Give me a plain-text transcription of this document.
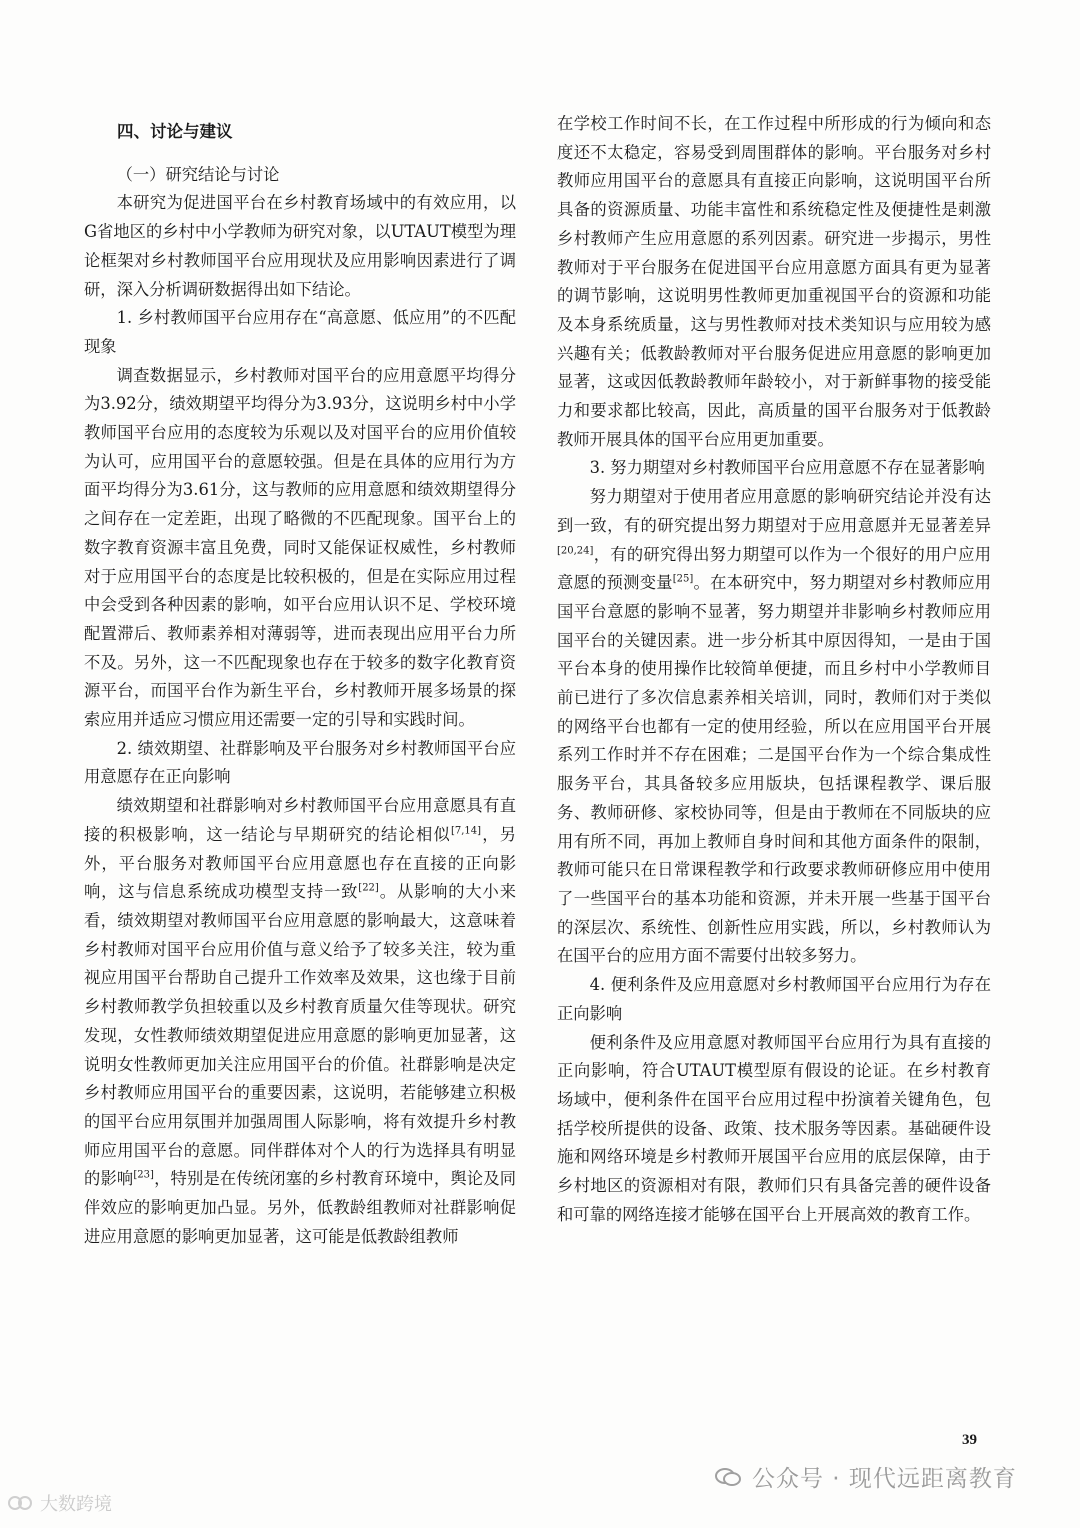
四、讨论与建议

（一）研究结论与讨论

本研究为促进国平台在乡村教育场域中的有效应用，以G省地区的乡村中小学教师为研究对象，以UTAUT模型为理论框架对乡村教师国平台应用现状及应用影响因素进行了调研，深入分析调研数据得出如下结论。

1. 乡村教师国平台应用存在“高意愿、低应用”的不匹配现象

调查数据显示，乡村教师对国平台的应用意愿平均得分为3.92分，绩效期望平均得分为3.93分，这说明乡村中小学教师国平台应用的态度较为乐观以及对国平台的应用价值较为认可，应用国平台的意愿较强。但是在具体的应用行为方面平均得分为3.61分，这与教师的应用意愿和绩效期望得分之间存在一定差距，出现了略微的不匹配现象。国平台上的数字教育资源丰富且免费，同时又能保证权威性，乡村教师对于应用国平台的态度是比较积极的，但是在实际应用过程中会受到各种因素的影响，如平台应用认识不足、学校环境配置滞后、教师素养相对薄弱等，进而表现出应用平台力所不及。另外，这一不匹配现象也存在于较多的数字化教育资源平台，而国平台作为新生平台，乡村教师开展多场景的探索应用并适应习惯应用还需要一定的引导和实践时间。

2. 绩效期望、社群影响及平台服务对乡村教师国平台应用意愿存在正向影响

绩效期望和社群影响对乡村教师国平台应用意愿具有直接的积极影响，这一结论与早期研究的结论相似[7,14]，另外，平台服务对教师国平台应用意愿也存在直接的正向影响，这与信息系统成功模型支持一致[22]。从影响的大小来看，绩效期望对教师国平台应用意愿的影响最大，这意味着乡村教师对国平台应用价值与意义给予了较多关注，较为重视应用国平台帮助自己提升工作效率及效果，这也缘于目前乡村教师教学负担较重以及乡村教育质量欠佳等现状。研究发现，女性教师绩效期望促进应用意愿的影响更加显著，这说明女性教师更加关注应用国平台的价值。社群影响是决定乡村教师应用国平台的重要因素，这说明，若能够建立积极的国平台应用氛围并加强周围人际影响，将有效提升乡村教师应用国平台的意愿。同伴群体对个人的行为选择具有明显的影响[23]，特别是在传统闭塞的乡村教育环境中，舆论及同伴效应的影响更加凸显。另外，低教龄组教师对社群影响促进应用意愿的影响更加显著，这可能是低教龄组教师

在学校工作时间不长，在工作过程中所形成的行为倾向和态度还不太稳定，容易受到周围群体的影响。平台服务对乡村教师应用国平台的意愿具有直接正向影响，这说明国平台所具备的资源质量、功能丰富性和系统稳定性及便捷性是刺激乡村教师产生应用意愿的系列因素。研究进一步揭示，男性教师对于平台服务在促进国平台应用意愿方面具有更为显著的调节影响，这说明男性教师更加重视国平台的资源和功能及本身系统质量，这与男性教师对技术类知识与应用较为感兴趣有关；低教龄教师对平台服务促进应用意愿的影响更加显著，这或因低教龄教师年龄较小，对于新鲜事物的接受能力和要求都比较高，因此，高质量的国平台服务对于低教龄教师开展具体的国平台应用更加重要。

3. 努力期望对乡村教师国平台应用意愿不存在显著影响

努力期望对于使用者应用意愿的影响研究结论并没有达到一致，有的研究提出努力期望对于应用意愿并无显著差异[20,24]，有的研究得出努力期望可以作为一个很好的用户应用意愿的预测变量[25]。在本研究中，努力期望对乡村教师应用国平台意愿的影响不显著，努力期望并非影响乡村教师应用国平台的关键因素。进一步分析其中原因得知，一是由于国平台本身的使用操作比较简单便捷，而且乡村中小学教师目前已进行了多次信息素养相关培训，同时，教师们对于类似的网络平台也都有一定的使用经验，所以在应用国平台开展系列工作时并不存在困难；二是国平台作为一个综合集成性服务平台，其具备较多应用版块，包括课程教学、课后服务、教师研修、家校协同等，但是由于教师在不同版块的应用有所不同，再加上教师自身时间和其他方面条件的限制，教师可能只在日常课程教学和行政要求教师研修应用中使用了一些国平台的基本功能和资源，并未开展一些基于国平台的深层次、系统性、创新性应用实践，所以，乡村教师认为在国平台的应用方面不需要付出较多努力。

4. 便利条件及应用意愿对乡村教师国平台应用行为存在正向影响

便利条件及应用意愿对教师国平台应用行为具有直接的正向影响，符合UTAUT模型原有假设的论证。在乡村教育场域中，便利条件在国平台应用过程中扮演着关键角色，包括学校所提供的设备、政策、技术服务等因素。基础硬件设施和网络环境是乡村教师开展国平台应用的底层保障，由于乡村地区的资源相对有限，教师们只有具备完善的硬件设备和可靠的网络连接才能够在国平台上开展高效的教育工作。

39
大数跨境
公众号 · 现代远距离教育
